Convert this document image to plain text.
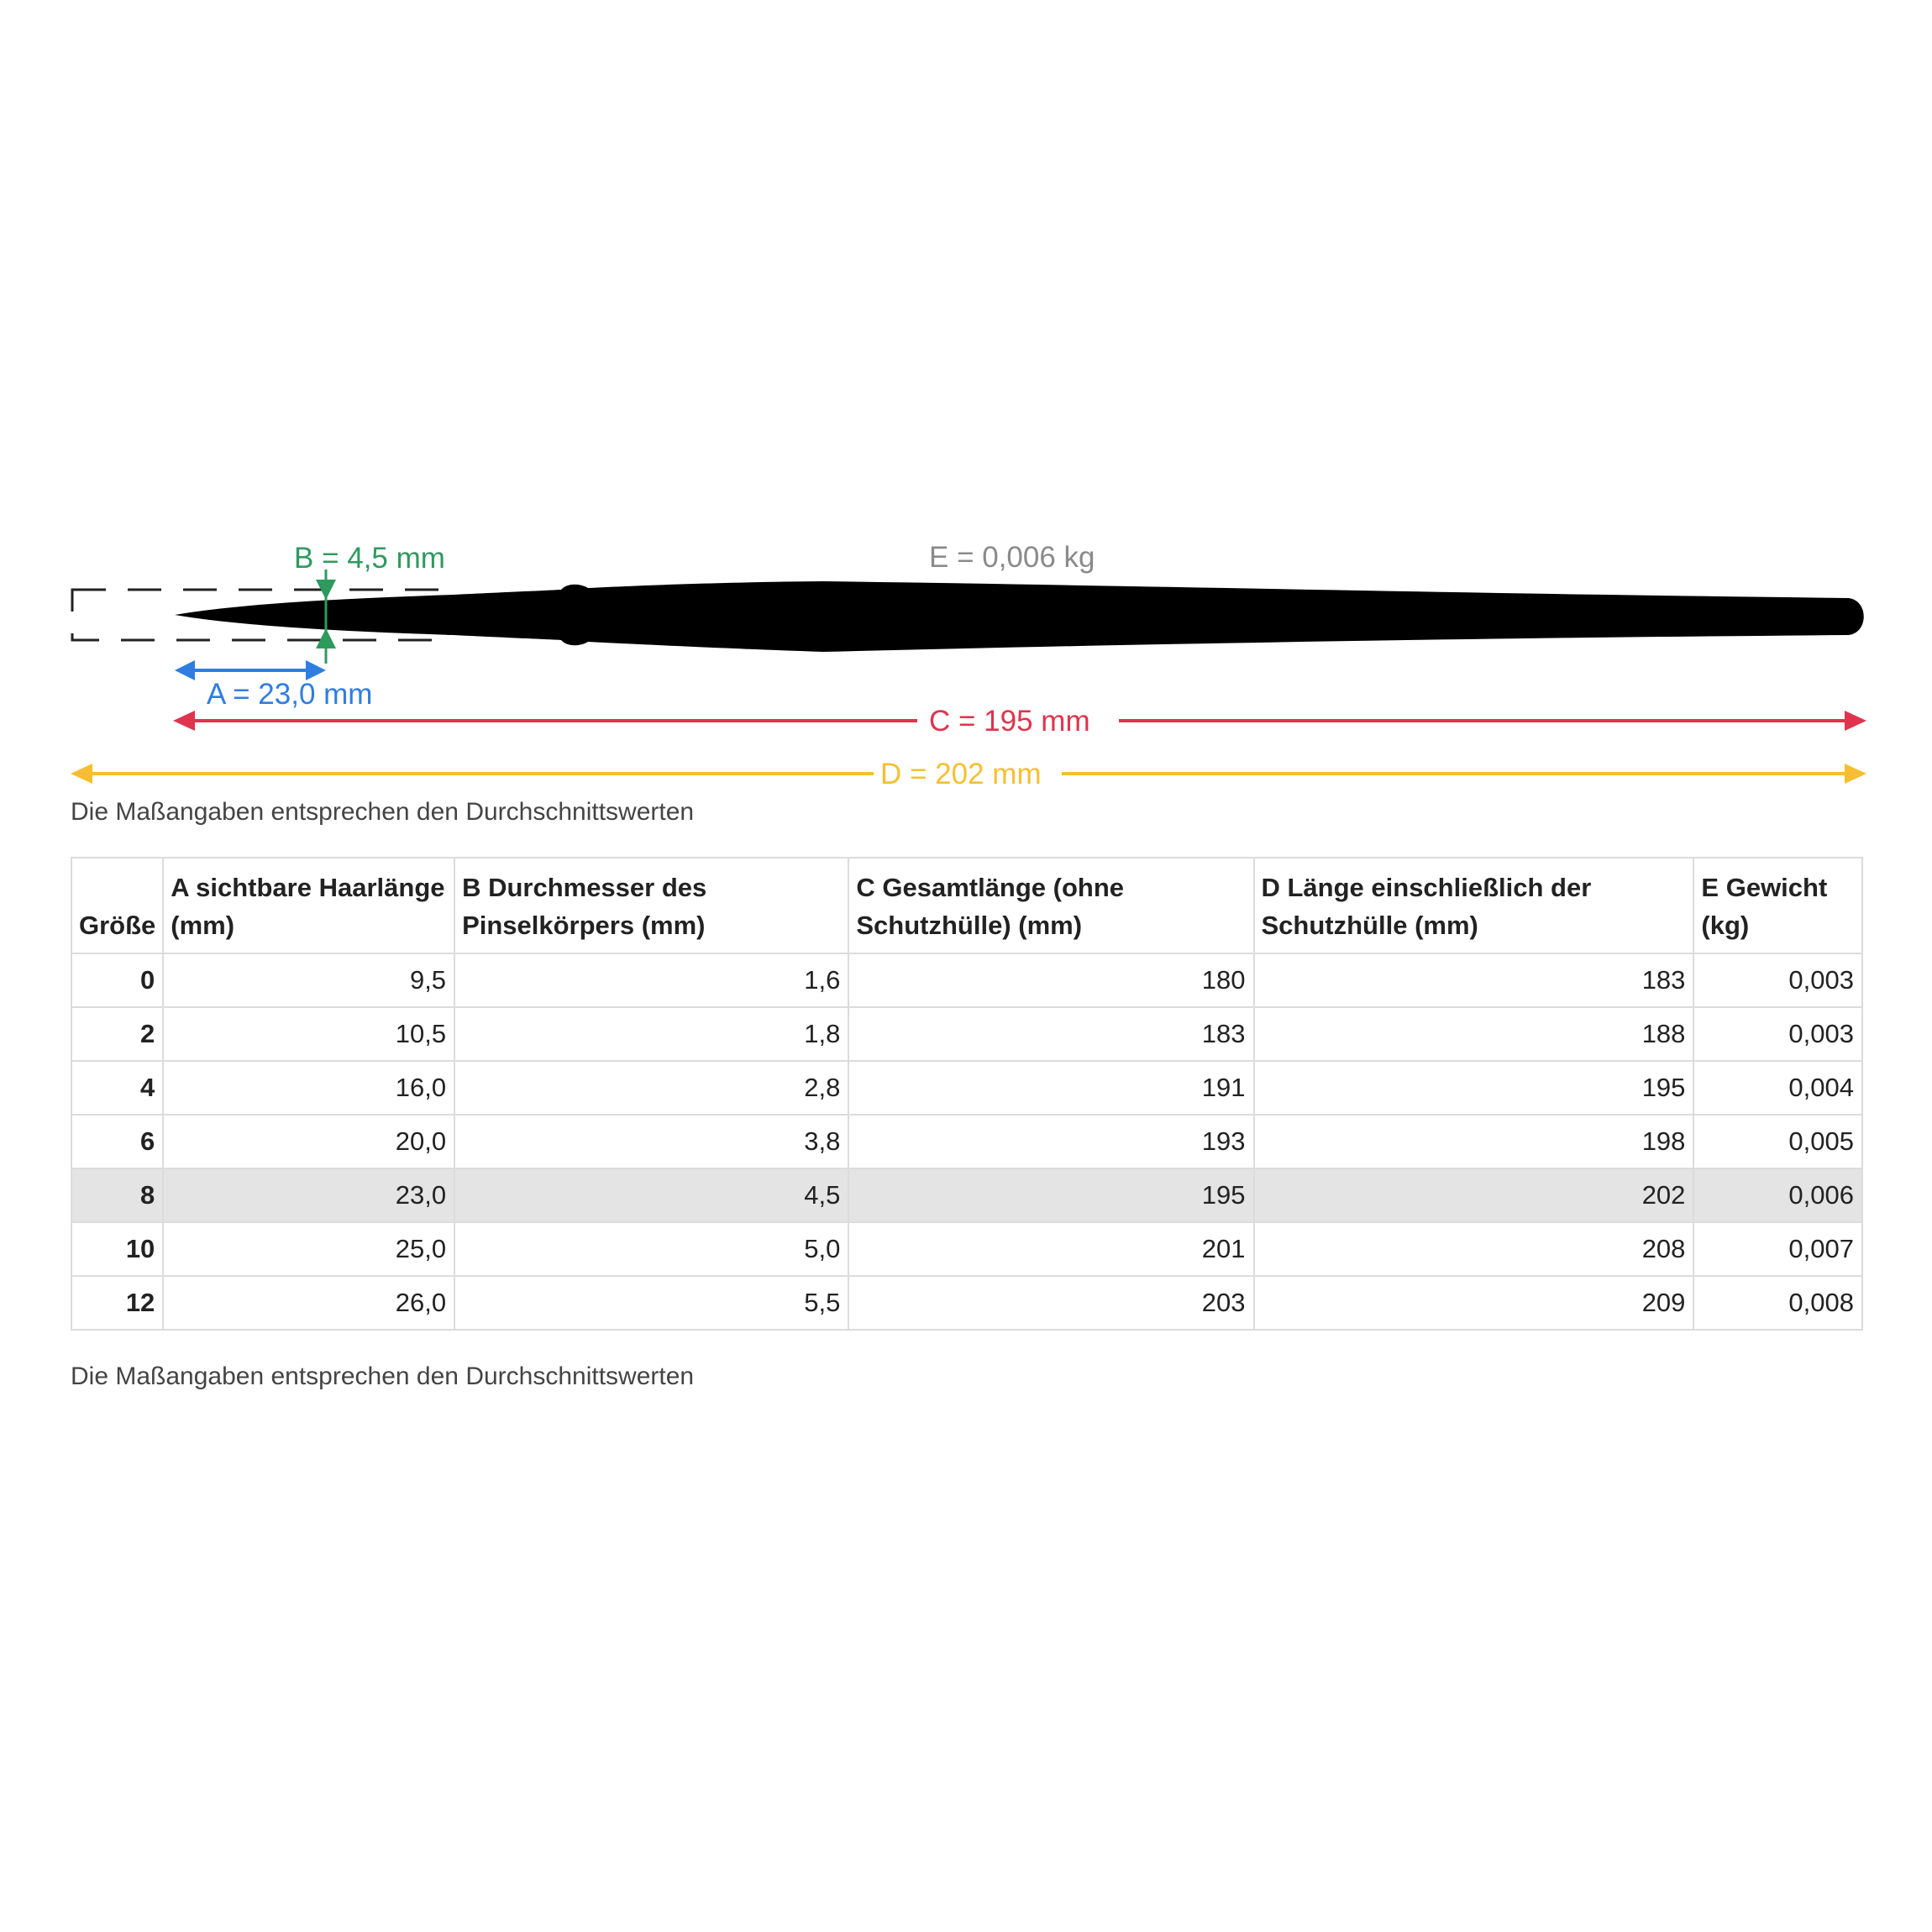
B = 4,5 mm	E = 0,006 kg
A = 23,0 mm
C = 195 mm
D = 202 mm
Die Maßangaben entsprechen den Durchschnittswerten
Größe	A sichtbare Haarlänge (mm)	B Durchmesser des Pinselkörpers (mm)	C Gesamtlänge (ohne Schutzhülle) (mm)	D Länge einschließlich der Schutzhülle (mm)	E Gewicht (kg)
0	9,5	1,6	180	183	0,003
2	10,5	1,8	183	188	0,003
4	16,0	2,8	191	195	0,004
6	20,0	3,8	193	198	0,005
8	23,0	4,5	195	202	0,006
10	25,0	5,0	201	208	0,007
12	26,0	5,5	203	209	0,008
Die Maßangaben entsprechen den Durchschnittswerten
